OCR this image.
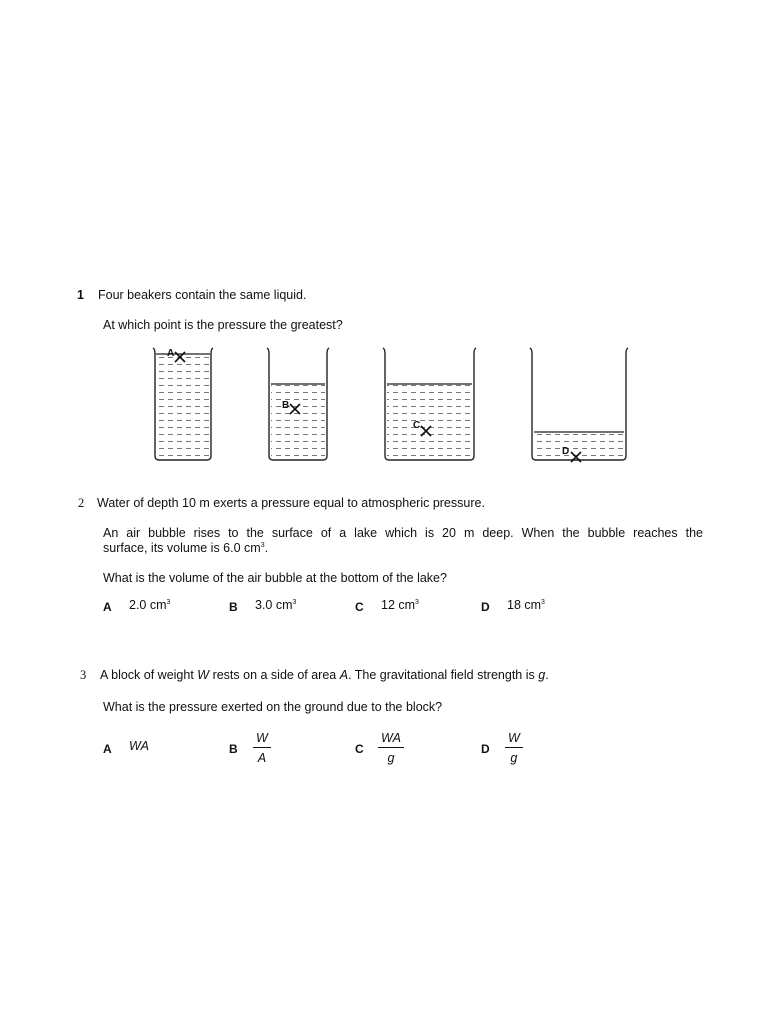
1 Four beakers contain the same liquid.
At which point is the pressure the greatest?
A
B
C
D
2 Water of depth 10 m exerts a pressure equal to atmospheric pressure.
An air bubble rises to the surface of a lake which is 20 m deep. When the bubble reaches the
surface, its volume is 6.0 $cm^3$.
What is the volume of the air bubble at the bottom of the lake?
A 2.0 $cm^3$	B 3.0 $cm^3$	C 12 $cm^3$	D 18 $cm^3$
3 A block of weight W rests on a side of area A. The gravitational field strength is g.
What is the pressure exerted on the ground due to the block?
A WA	B $\frac{W}{A}$	C $\frac{WA}{g}$	D $\frac{W}{g}$
